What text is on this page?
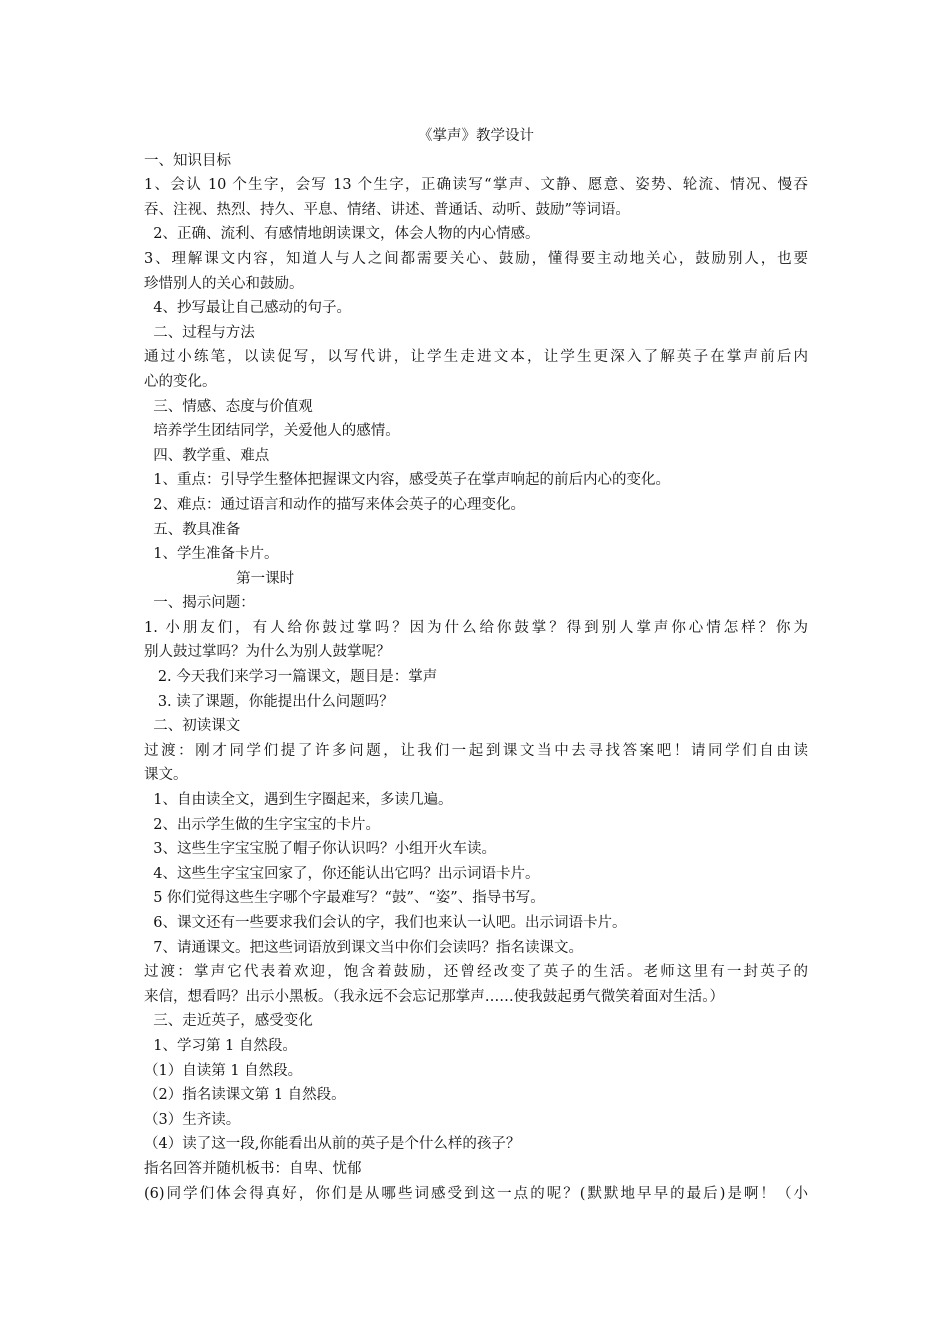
《掌声》教学设计
一、知识目标
1、会认 10 个生字，会写 13 个生字，正确读写“掌声、文静、愿意、姿势、轮流、情况、慢吞
吞、注视、热烈、持久、平息、情绪、讲述、普通话、动听、鼓励”等词语。
2、正确、流利、有感情地朗读课文，体会人物的内心情感。
3、理解课文内容，知道人与人之间都需要关心、鼓励，懂得要主动地关心，鼓励别人，也要
珍惜别人的关心和鼓励。
4、抄写最让自己感动的句子。
二、过程与方法
通过小练笔，以读促写，以写代讲，让学生走进文本，让学生更深入了解英子在掌声前后内
心的变化。
三、情感、态度与价值观
培养学生团结同学，关爱他人的感情。
四、教学重、难点
1、重点：引导学生整体把握课文内容，感受英子在掌声响起的前后内心的变化。
2、难点：通过语言和动作的描写来体会英子的心理变化。
五、教具准备
1、学生准备卡片。
第一课时
一、揭示问题：
1. 小朋友们，有人给你鼓过掌吗？因为什么给你鼓掌？得到别人掌声你心情怎样？你为
别人鼓过掌吗？为什么为别人鼓掌呢？
2. 今天我们来学习一篇课文，题目是：掌声
3. 读了课题，你能提出什么问题吗？
二、初读课文
过渡：刚才同学们提了许多问题，让我们一起到课文当中去寻找答案吧！请同学们自由读
课文。
1、自由读全文，遇到生字圈起来，多读几遍。
2、出示学生做的生字宝宝的卡片。
3、这些生字宝宝脱了帽子你认识吗？小组开火车读。
4、这些生字宝宝回家了，你还能认出它吗？出示词语卡片。
5 你们觉得这些生字哪个字最难写？“鼓”、“姿”、指导书写。
6、课文还有一些要求我们会认的字，我们也来认一认吧。出示词语卡片。
7、请通课文。把这些词语放到课文当中你们会读吗？指名读课文。
过渡：掌声它代表着欢迎，饱含着鼓励，还曾经改变了英子的生活。老师这里有一封英子的
来信，想看吗？出示小黑板。（我永远不会忘记那掌声……使我鼓起勇气微笑着面对生活。）
三、走近英子，感受变化
1、学习第 1 自然段。
（1）自读第 1 自然段。
（2）指名读课文第 1 自然段。
（3）生齐读。
（4）读了这一段,你能看出从前的英子是个什么样的孩子？
指名回答并随机板书：自卑、忧郁
(6)同学们体会得真好，你们是从哪些词感受到这一点的呢？(默默地早早的最后)是啊！（小
